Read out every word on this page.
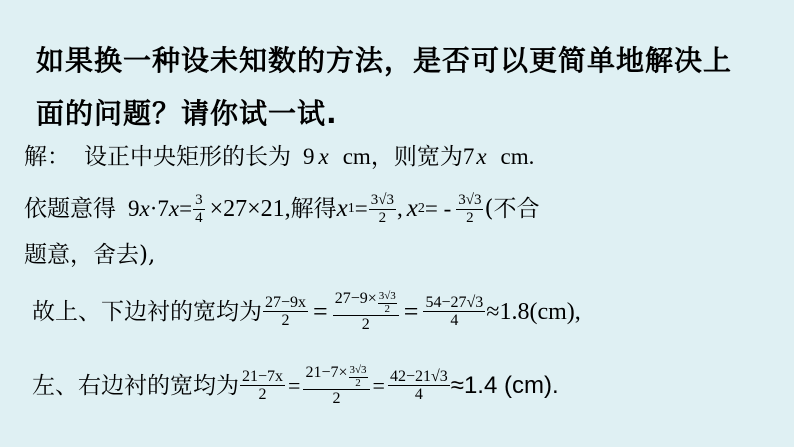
如果换一种设未知数的方法，是否可以更简单地解决上
面的问题？请你试一试.
解： 设正中央矩形的长为 9 x cm，则宽为 7 x cm.
依题意得 9 x · 7 $x = \frac{3}{4} \times 27\times 21$, 解得 x $1 = \frac{3√3}{2}$ , x 2 = - $\frac{3√3}{2}$ (不合
题意，舍去),
故上、下边衬的宽均为 $\frac{27-9x}{2} = \frac{27-9\times \frac{3√3}{2}}{2} = \frac{54-27√3}{4} \approx 1.8(cm)$,
左、右边衬的宽均为 $\frac{21-7x}{2} = \frac{21-7\times \frac{3√3}{2}}{2} = \frac{42-21√3}{4} \approx 1.4$ (cm).
